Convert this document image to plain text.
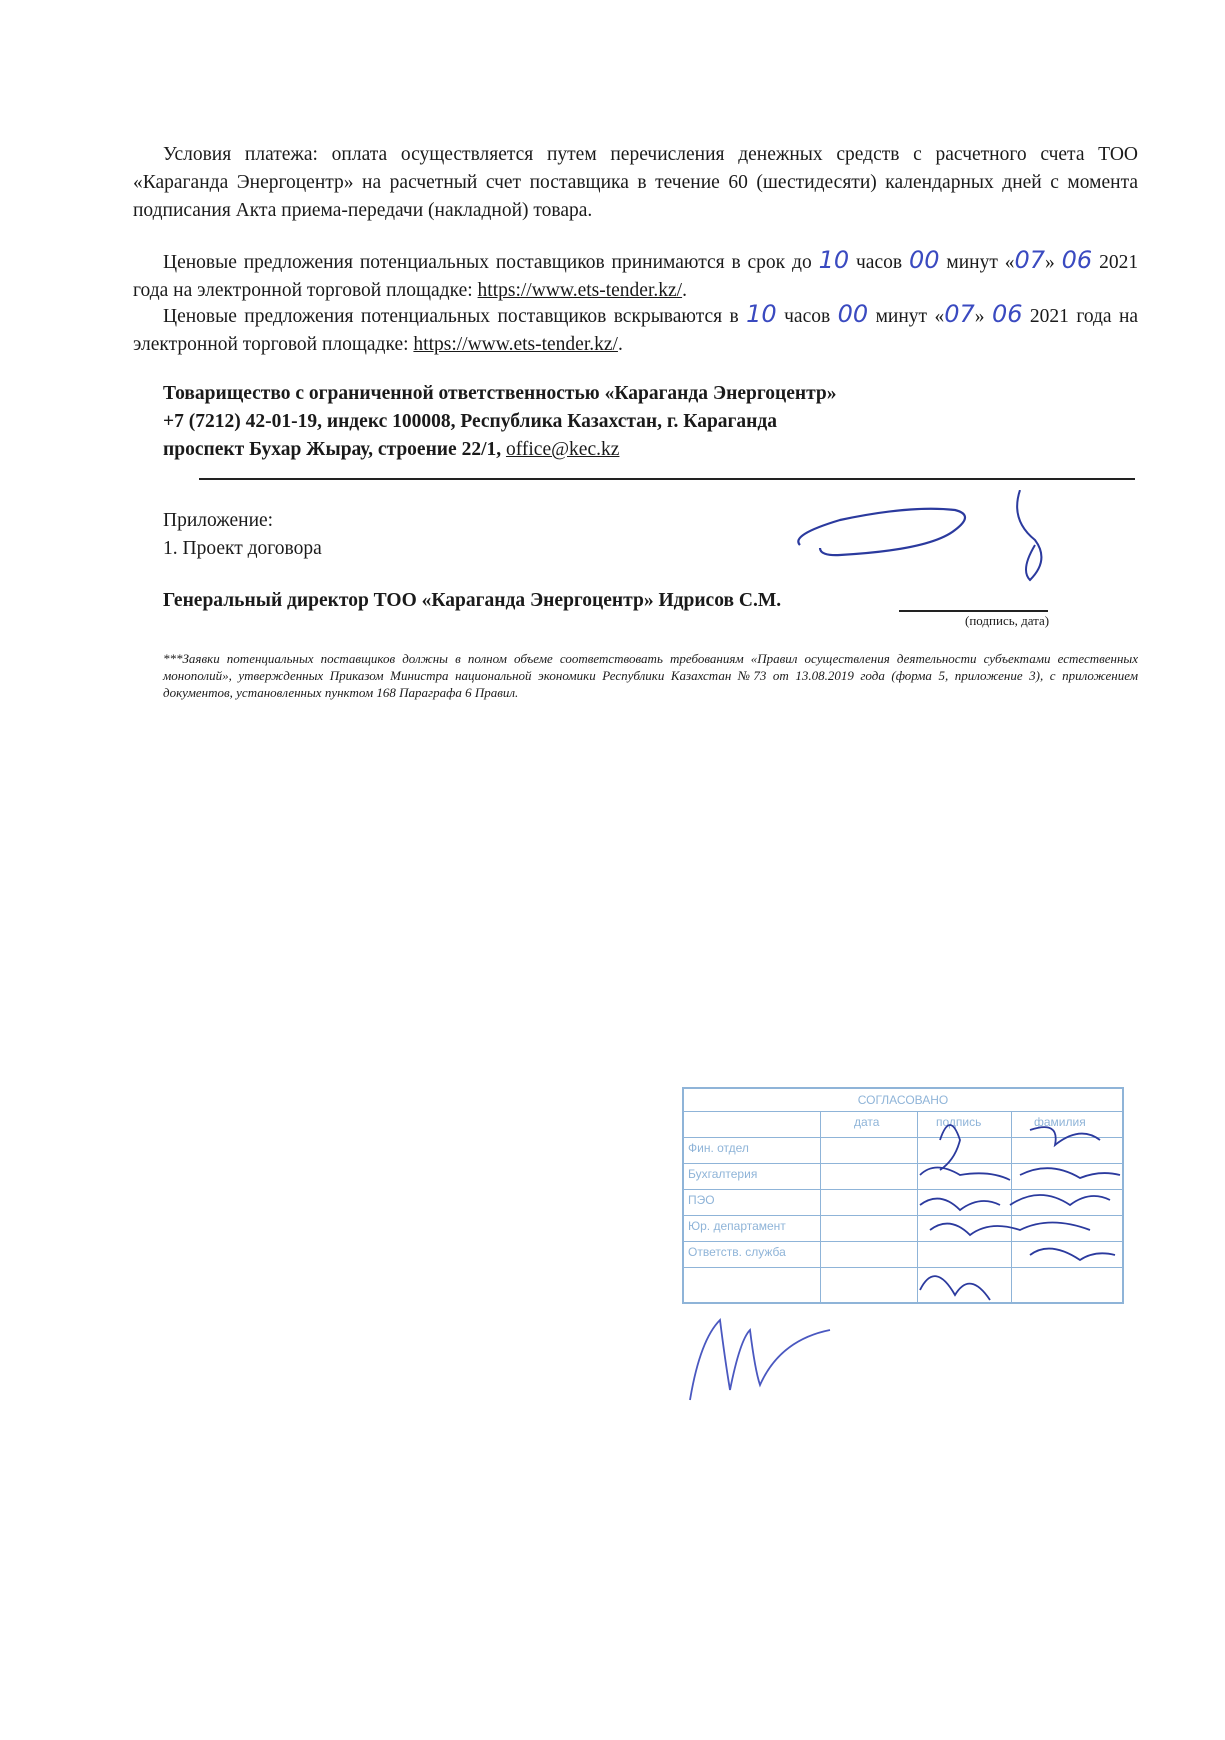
Условия платежа: оплата осуществляется путем перечисления денежных средств с расчетного счета ТОО «Караганда Энергоцентр» на расчетный счет поставщика в течение 60 (шестидесяти) календарных дней с момента подписания Акта приема-передачи (накладной) товара.
Ценовые предложения потенциальных поставщиков принимаются в срок до 10 часов 00 минут «07» 06 2021 года на электронной торговой площадке: https://www.ets-tender.kz/.
Ценовые предложения потенциальных поставщиков вскрываются в 10 часов 00 минут «07» 06 2021 года на электронной торговой площадке: https://www.ets-tender.kz/.
Товарищество с ограниченной ответственностью «Караганда Энергоцентр»
+7 (7212) 42-01-19, индекс 100008, Республика Казахстан, г. Караганда
проспект Бухар Жырау, строение 22/1, office@kec.kz
Приложение:
1. Проект договора
Генеральный директор ТОО «Караганда Энергоцентр» Идрисов С.М.
(подпись, дата)
***Заявки потенциальных поставщиков должны в полном объеме соответствовать требованиям «Правил осуществления деятельности субъектами естественных монополий», утвержденных Приказом Министра национальной экономики Республики Казахстан №73 от 13.08.2019 года (форма 5, приложение 3), с приложением документов, установленных пунктом 168 Параграфа 6 Правил.
СОГЛАСОВАНО
дата	подпись	фамилия
Фин. отдел
Бухгалтерия
ПЭО
Юр. департамент
Ответств. служба
